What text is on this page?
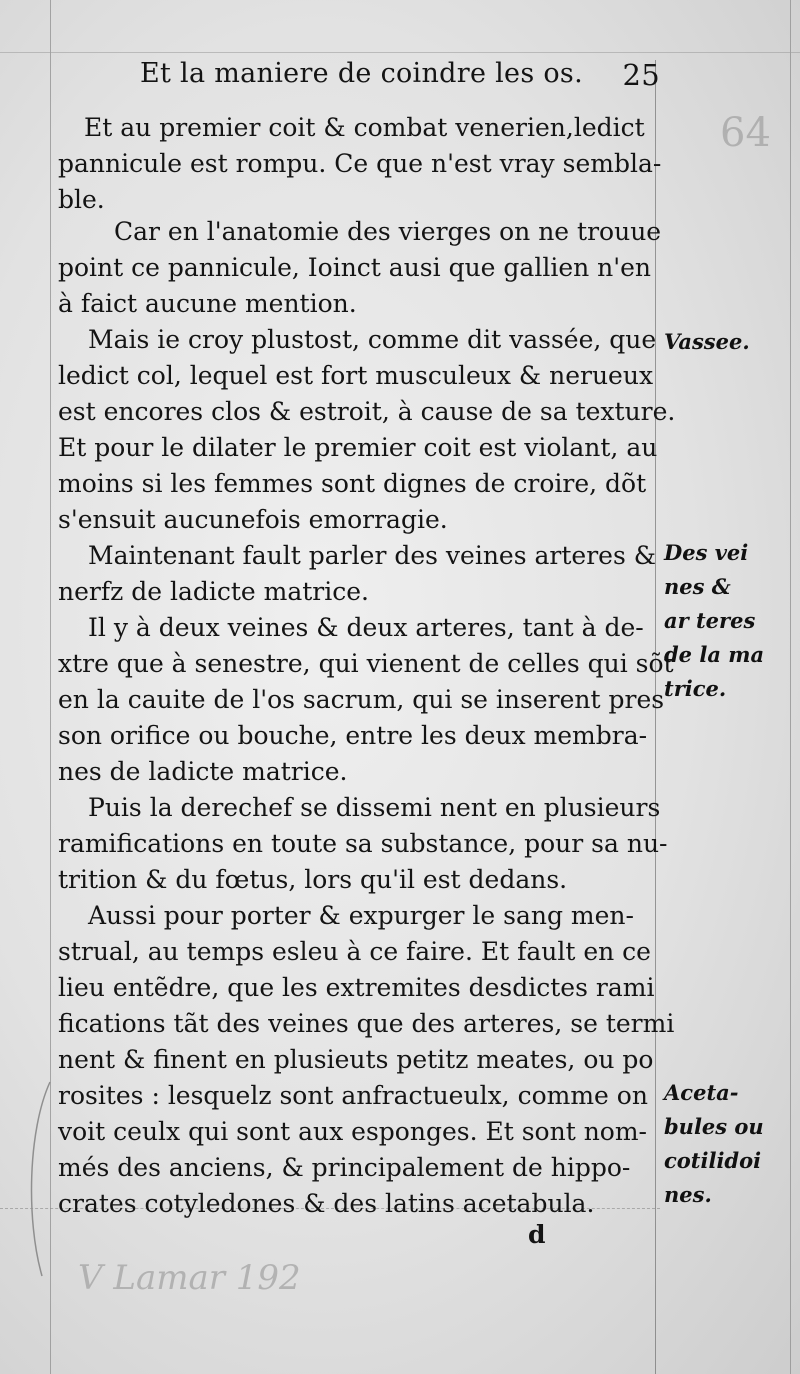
64
Et la maniere de coindre les os. 25
Et au premier coit & combat venerien,ledict
pannicule est rompu. Ce que n'est vray sembla-
ble.
Car en l'anatomie des vierges on ne trouue
point ce pannicule, Ioinct ausi que gallien n'en
à faict aucune mention.
Mais ie croy plustost, comme dit vassée, que
ledict col, lequel est fort musculeux & nerueux
est encores clos & estroit, à cause de sa texture.
Et pour le dilater le premier coit est violant, au
moins si les femmes sont dignes de croire, dõt
s'ensuit aucunefois emorragie.
Maintenant fault parler des veines arteres &
nerfz de ladicte matrice.
Il y à deux veines & deux arteres, tant à de-
xtre que à senestre, qui vienent de celles qui sõt
en la cauite de l'os sacrum, qui se inserent pres
son orifice ou bouche, entre les deux membra-
nes de ladicte matrice.
Puis la derechef se dissemi nent en plusieurs
ramifications en toute sa substance, pour sa nu-
trition & du fœtus, lors qu'il est dedans.
Aussi pour porter & expurger le sang men-
strual, au temps esleu à ce faire. Et fault en ce
lieu entẽdre, que les extremites desdictes rami
fications tãt des veines que des arteres, se termi
nent & finent en plusieuts petitz meates, ou po
rosites : lesquelz sont anfractueulx, comme on
voit ceulx qui sont aux esponges. Et sont nom-
més des anciens, & principalement de hippo-
crates cotyledones & des latins acetabula.
Vassee.
Des vei
nes &
ar teres
de la ma
trice.
Aceta-
bules ou
cotilidoi
nes.
d
V Lamar 192
